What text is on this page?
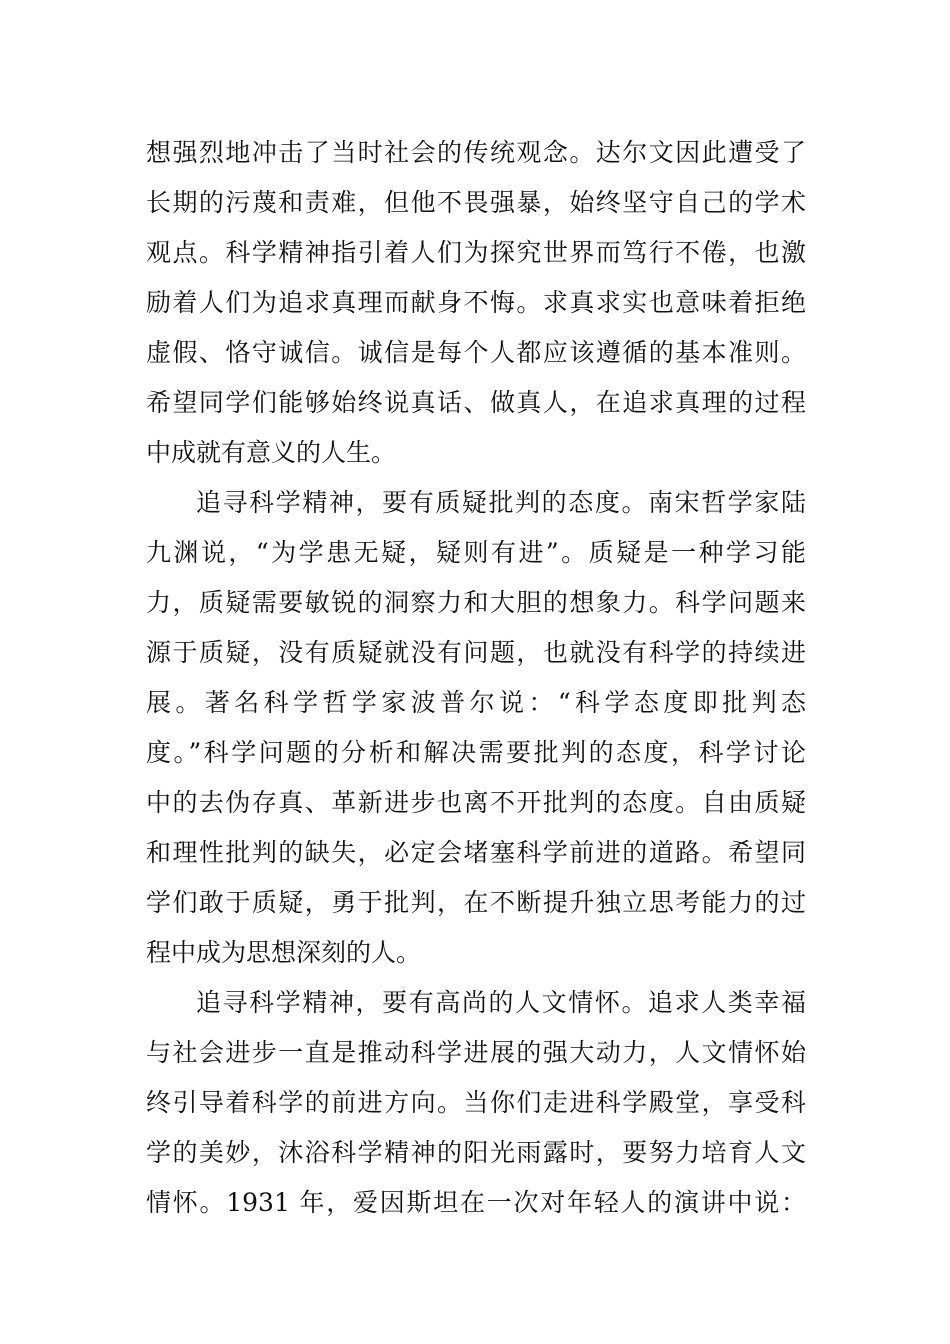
想强烈地冲击了当时社会的传统观念。达尔文因此遭受了
长期的污蔑和责难，但他不畏强暴，始终坚守自己的学术
观点。科学精神指引着人们为探究世界而笃行不倦，也激
励着人们为追求真理而献身不悔。求真求实也意味着拒绝
虚假、恪守诚信。诚信是每个人都应该遵循的基本准则。
希望同学们能够始终说真话、做真人，在追求真理的过程
中成就有意义的人生。
追寻科学精神，要有质疑批判的态度。南宋哲学家陆
九渊说，“为学患无疑，疑则有进”。质疑是一种学习能
力，质疑需要敏锐的洞察力和大胆的想象力。科学问题来
源于质疑，没有质疑就没有问题，也就没有科学的持续进
展。著名科学哲学家波普尔说：“科学态度即批判态
度。”科学问题的分析和解决需要批判的态度，科学讨论
中的去伪存真、革新进步也离不开批判的态度。自由质疑
和理性批判的缺失，必定会堵塞科学前进的道路。希望同
学们敢于质疑，勇于批判，在不断提升独立思考能力的过
程中成为思想深刻的人。
追寻科学精神，要有高尚的人文情怀。追求人类幸福
与社会进步一直是推动科学进展的强大动力，人文情怀始
终引导着科学的前进方向。当你们走进科学殿堂，享受科
学的美妙，沐浴科学精神的阳光雨露时，要努力培育人文
情怀。1931 年，爱因斯坦在一次对年轻人的演讲中说：
